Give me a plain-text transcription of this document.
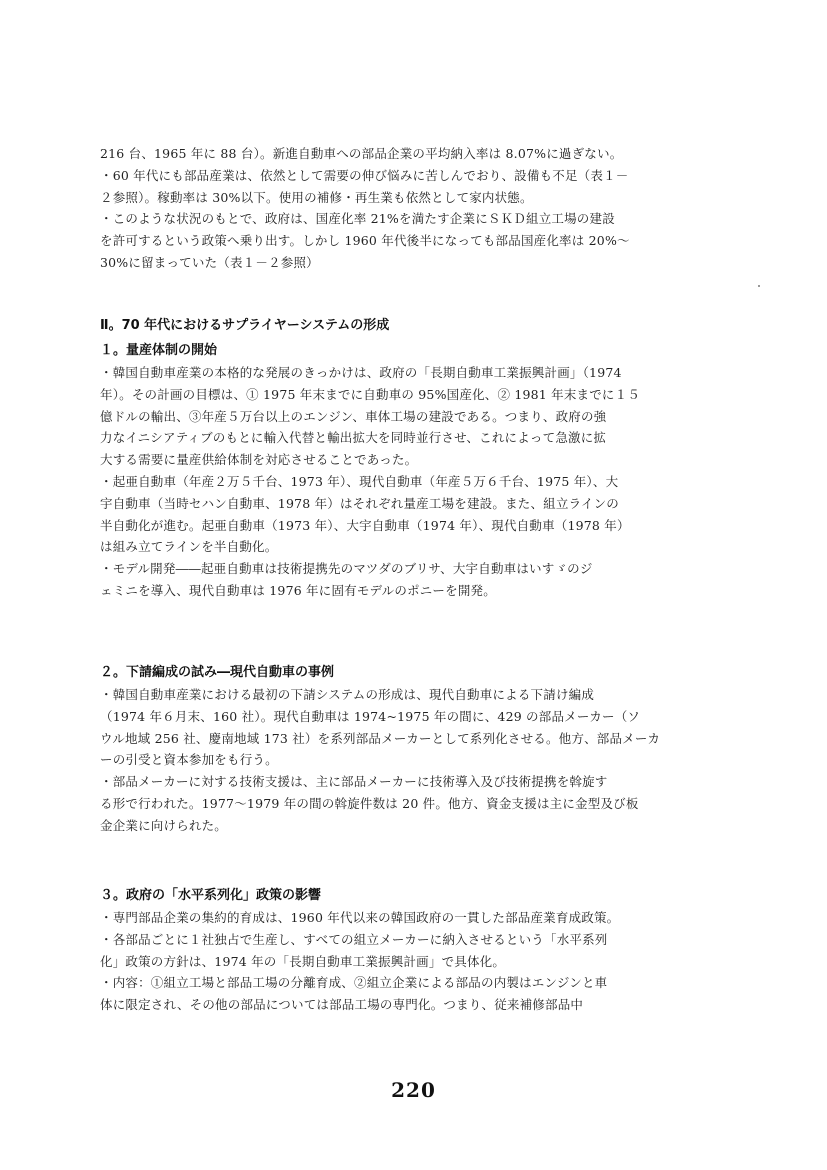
216 台、1965 年に 88 台）。新進自動車への部品企業の平均納入率は 8.07%に過ぎない。
・60 年代にも部品産業は、依然として需要の伸び悩みに苦しんでおり、設備も不足（表１－
２参照）。稼動率は 30%以下。使用の補修・再生業も依然として家内状態。
・このような状況のもとで、政府は、国産化率 21%を満たす企業にＳＫＤ組立工場の建設
を許可するという政策へ乗り出す。しかし 1960 年代後半になっても部品国産化率は 20%～
30%に留まっていた（表１－２参照）
Ⅱ。70 年代におけるサプライヤーシステムの形成
１。量産体制の開始
・韓国自動車産業の本格的な発展のきっかけは、政府の「長期自動車工業振興計画」（1974
年）。その計画の目標は、① 1975 年末までに自動車の 95%国産化、② 1981 年末までに１５
億ドルの輸出、③年産５万台以上のエンジン、車体工場の建設である。つまり、政府の強
力なイニシアティブのもとに輸入代替と輸出拡大を同時並行させ、これによって急激に拡
大する需要に量産供給体制を対応させることであった。
・起亜自動車（年産２万５千台、1973 年）、現代自動車（年産５万６千台、1975 年）、大
宇自動車（当時セハン自動車、1978 年）はそれぞれ量産工場を建設。また、組立ラインの
半自動化が進む。起亜自動車（1973 年）、大宇自動車（1974 年）、現代自動車（1978 年）
は組み立てラインを半自動化。
・モデル開発――起亜自動車は技術提携先のマツダのブリサ、大宇自動車はいすゞのジ
ェミニを導入、現代自動車は 1976 年に固有モデルのポニーを開発。
２。下請編成の試み―現代自動車の事例
・韓国自動車産業における最初の下請システムの形成は、現代自動車による下請け編成
（1974 年６月末、160 社）。現代自動車は 1974~1975 年の間に、429 の部品メーカー（ソ
ウル地域 256 社、慶南地域 173 社）を系列部品メーカーとして系列化させる。他方、部品メーカ
ーの引受と資本参加をも行う。
・部品メーカーに対する技術支援は、主に部品メーカーに技術導入及び技術提携を斡旋す
る形で行われた。1977～1979 年の間の斡旋件数は 20 件。他方、資金支援は主に金型及び板
金企業に向けられた。
３。政府の「水平系列化」政策の影響
・専門部品企業の集約的育成は、1960 年代以来の韓国政府の一貫した部品産業育成政策。
・各部品ごとに１社独占で生産し、すべての組立メーカーに納入させるという「水平系列
化」政策の方針は、1974 年の「長期自動車工業振興計画」で具体化。
・内容：①組立工場と部品工場の分離育成、②組立企業による部品の内製はエンジンと車
体に限定され、その他の部品については部品工場の専門化。つまり、従来補修部品中
220
